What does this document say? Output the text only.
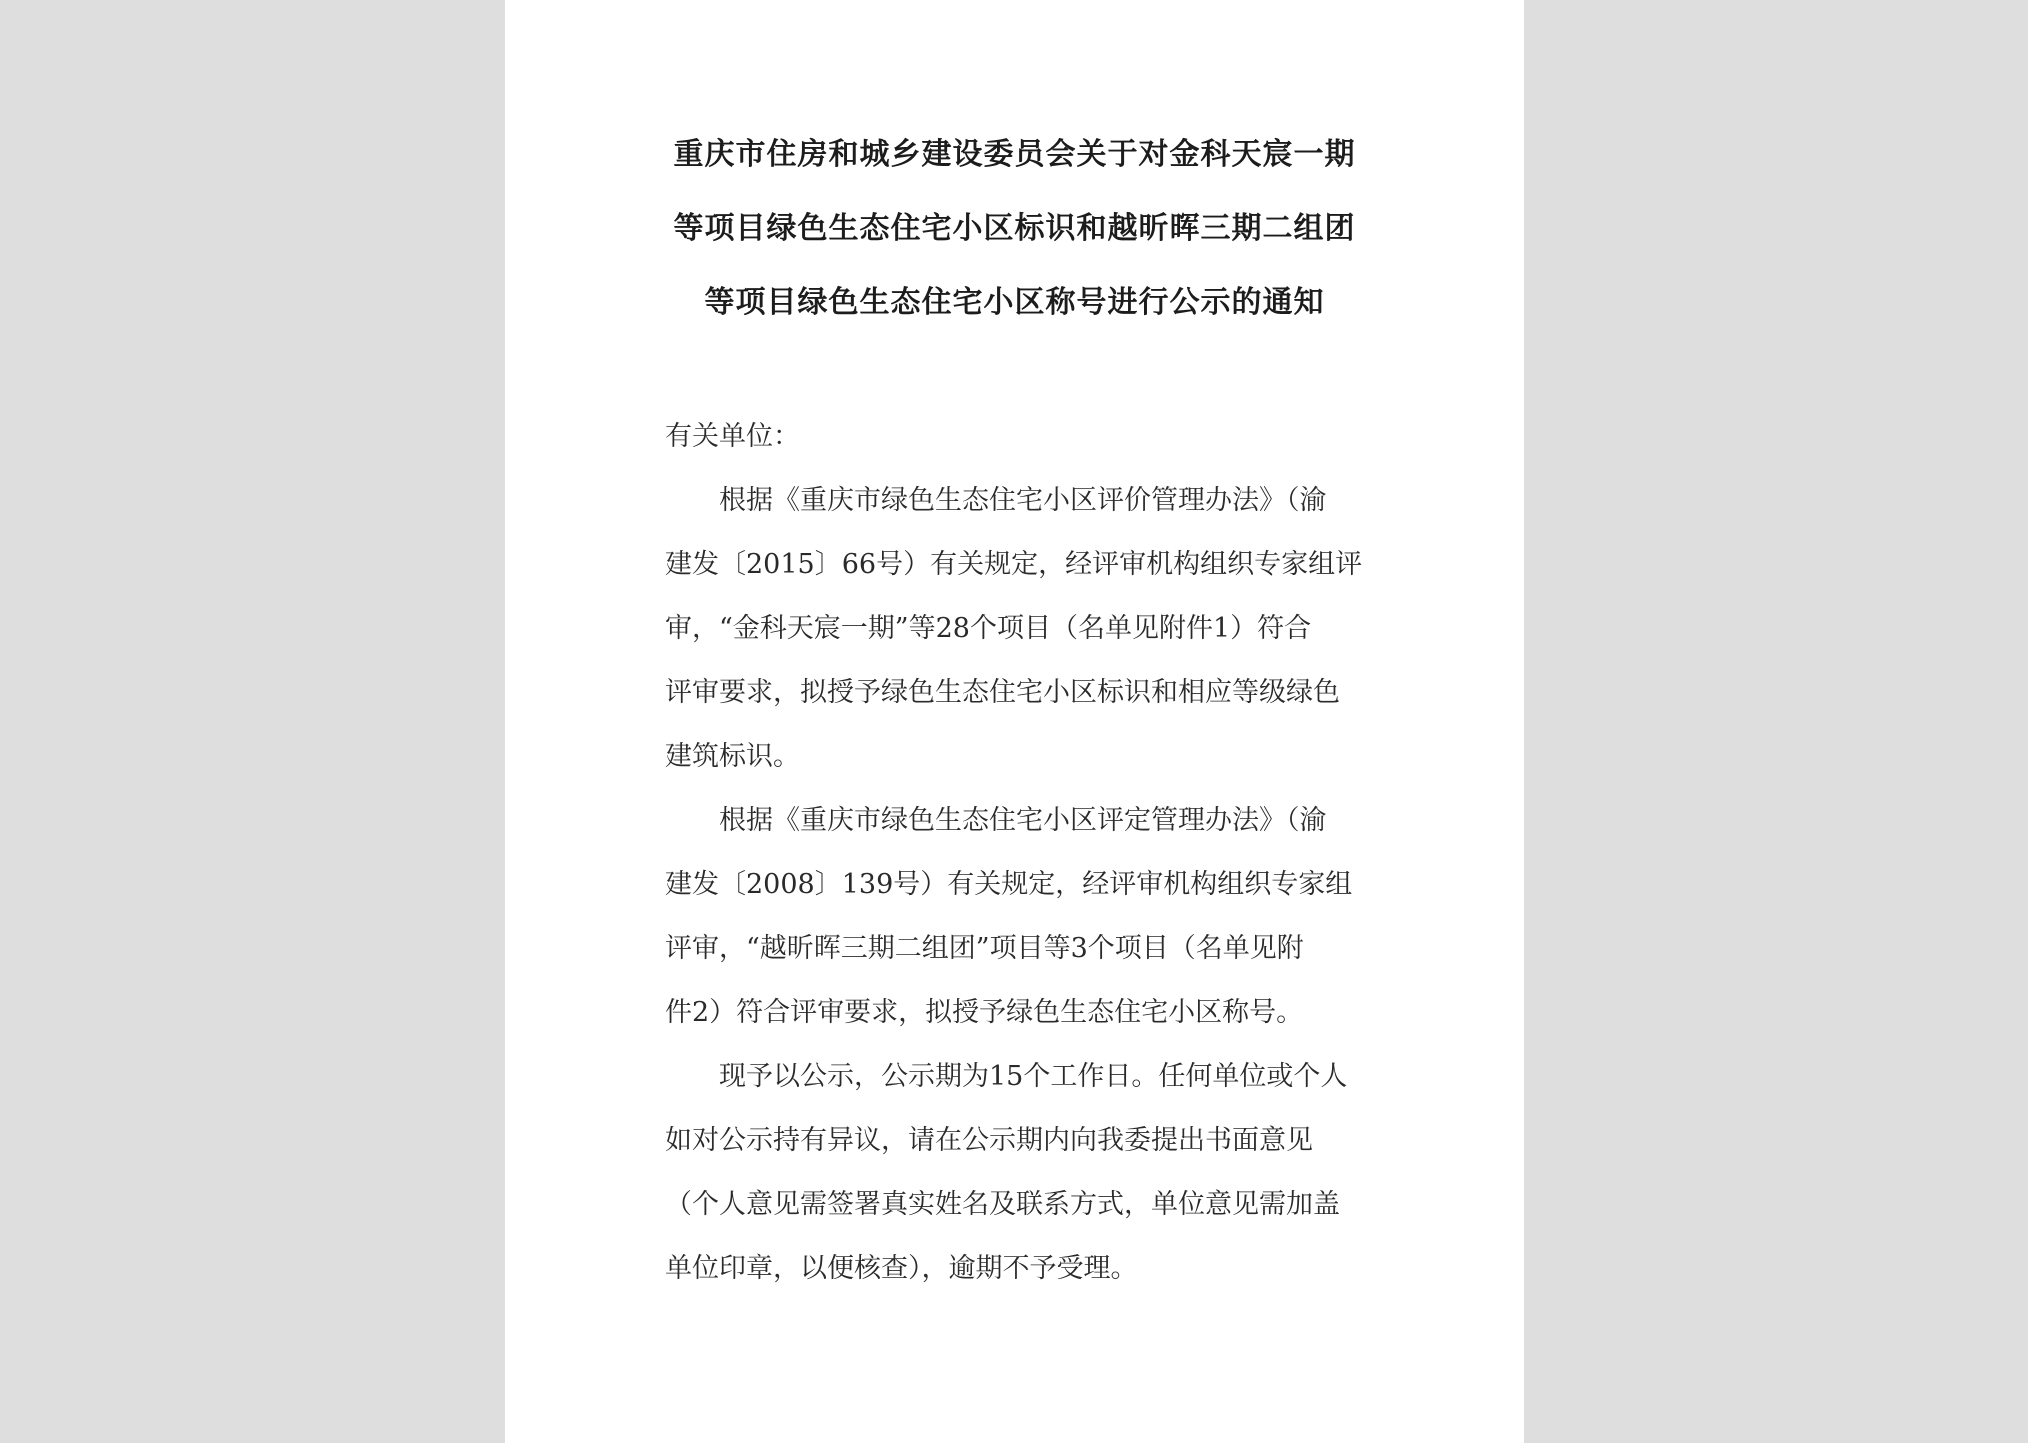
重庆市住房和城乡建设委员会关于对金科天宸一期
等项目绿色生态住宅小区标识和越昕晖三期二组团
等项目绿色生态住宅小区称号进行公示的通知
有关单位：
根据《重庆市绿色生态住宅小区评价管理办法》（渝
建发〔2015〕66号）有关规定，经评审机构组织专家组评
审，“金科天宸一期”等28个项目（名单见附件1）符合
评审要求，拟授予绿色生态住宅小区标识和相应等级绿色
建筑标识。
根据《重庆市绿色生态住宅小区评定管理办法》（渝
建发〔2008〕139号）有关规定，经评审机构组织专家组
评审，“越昕晖三期二组团”项目等3个项目（名单见附
件2）符合评审要求，拟授予绿色生态住宅小区称号。
现予以公示，公示期为15个工作日。任何单位或个人
如对公示持有异议，请在公示期内向我委提出书面意见
（个人意见需签署真实姓名及联系方式，单位意见需加盖
单位印章，以便核查），逾期不予受理。
